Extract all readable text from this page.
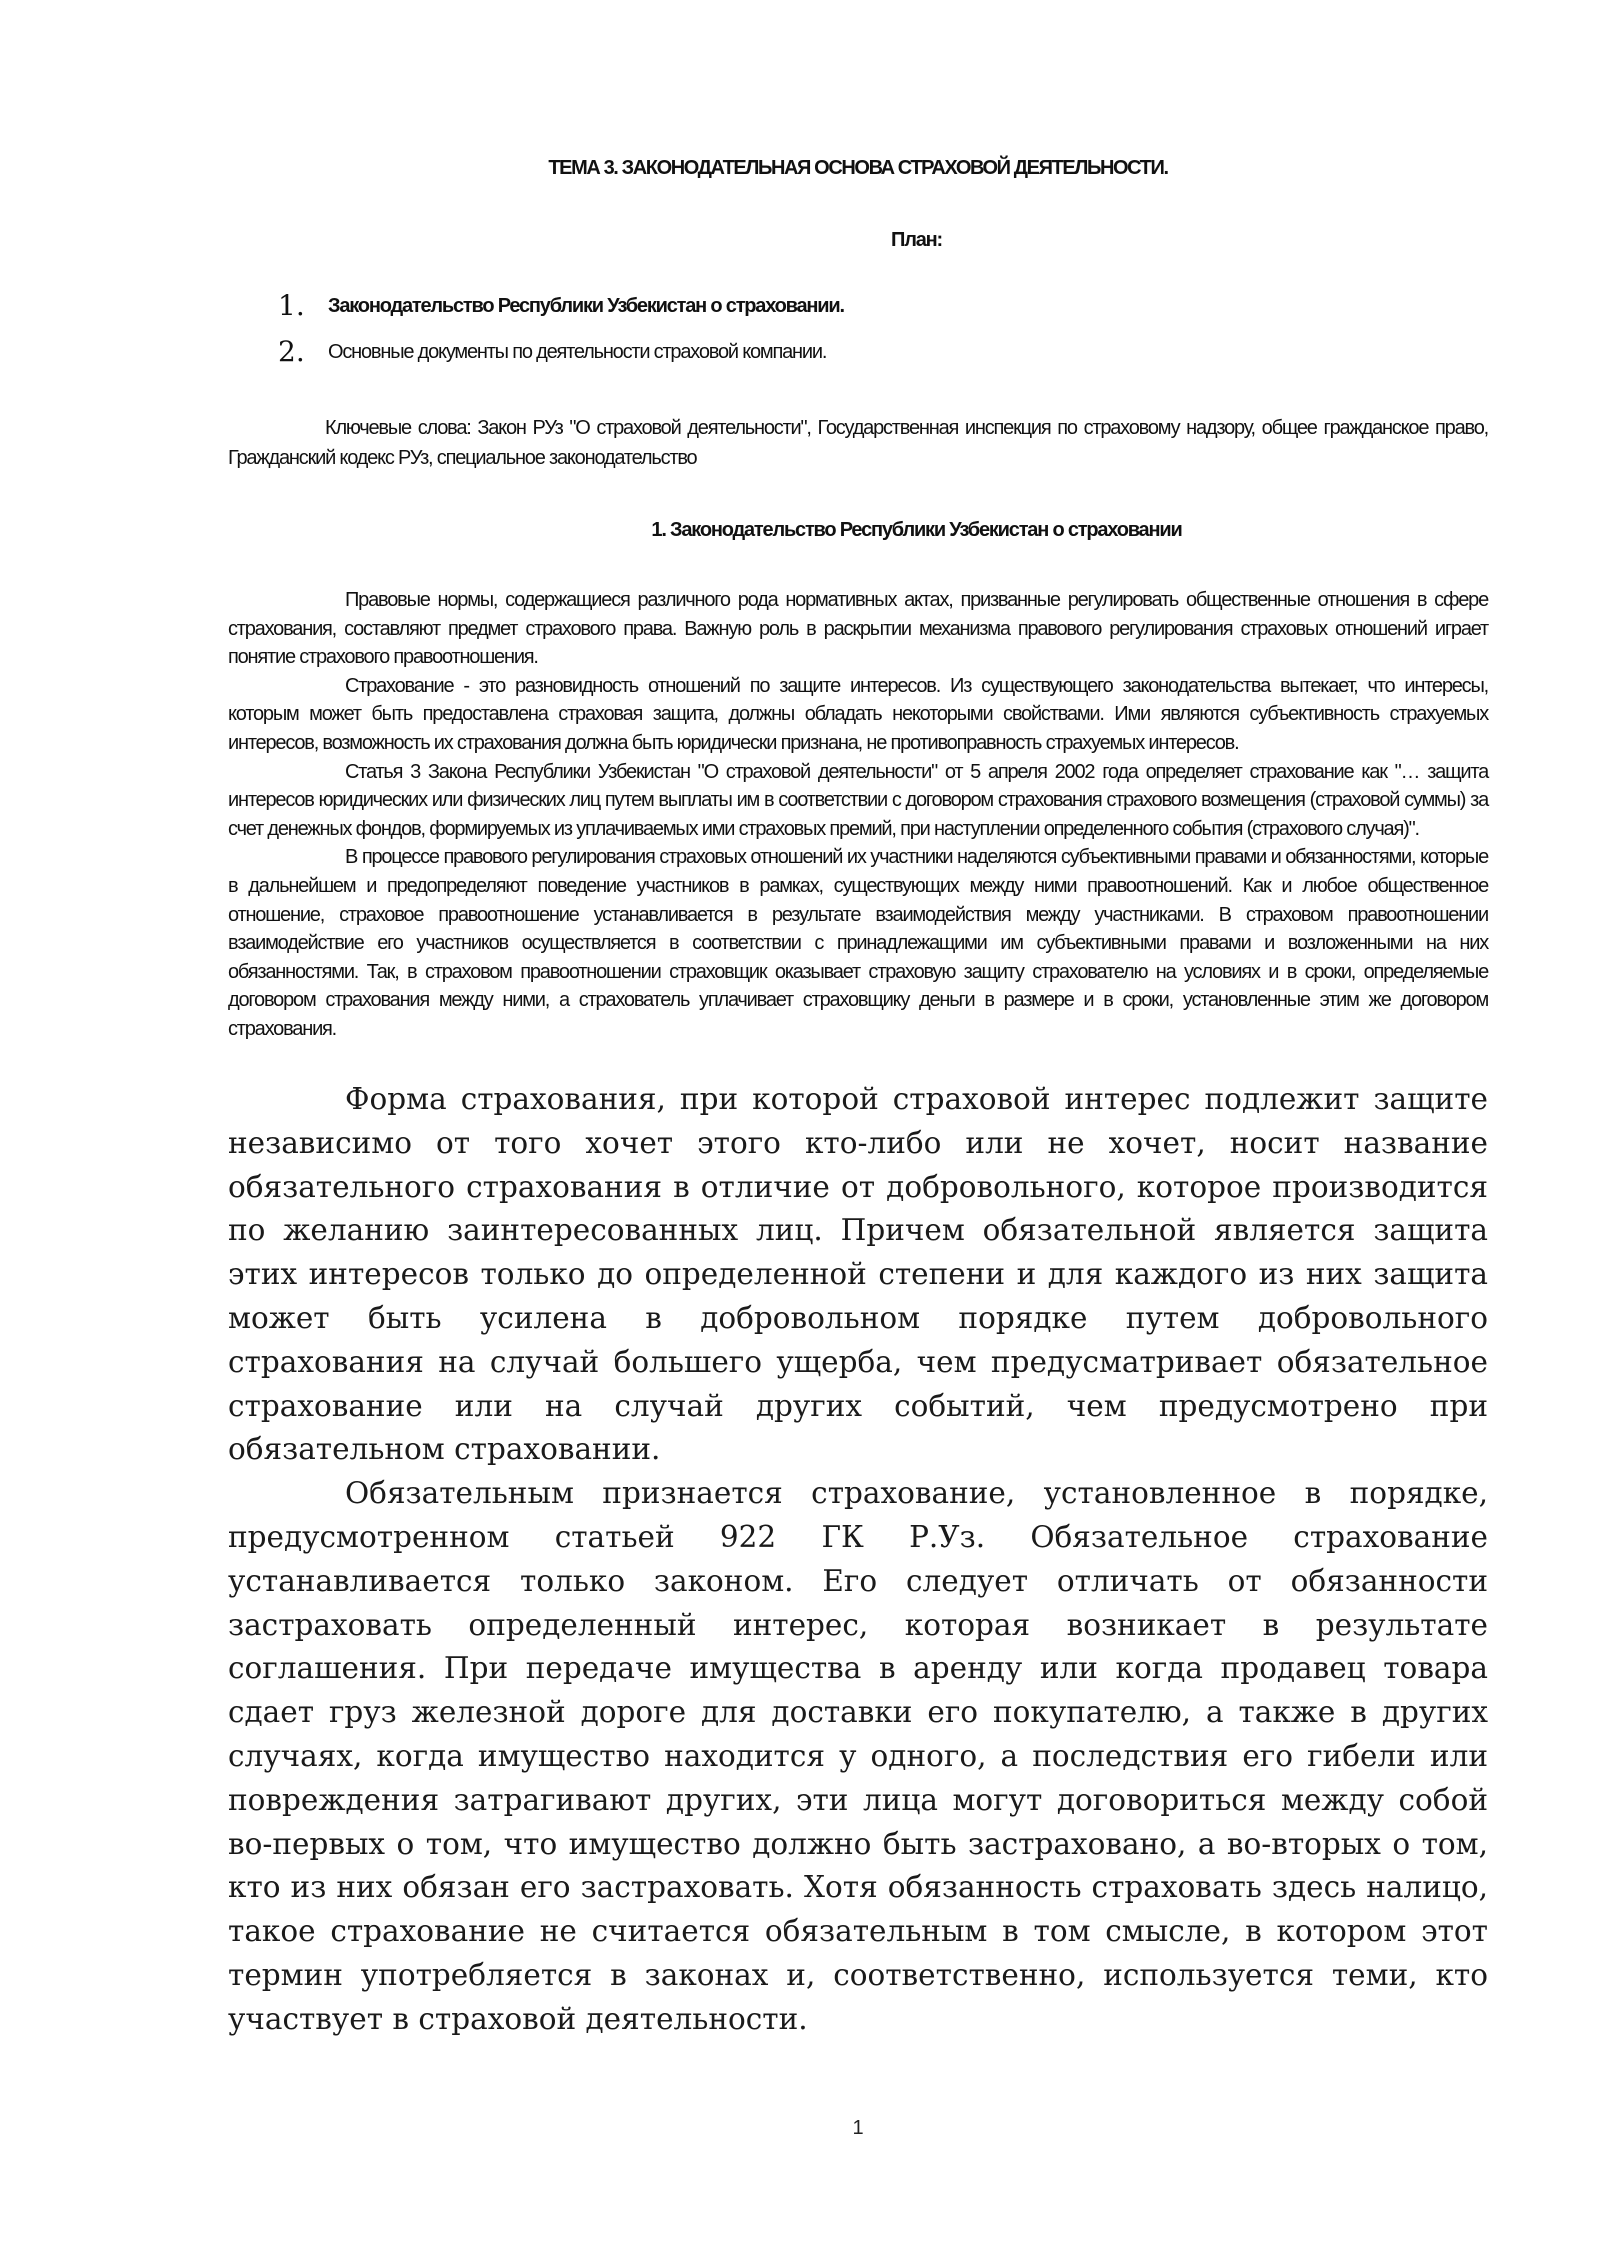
ТЕМА 3. ЗАКОНОДАТЕЛЬНАЯ ОСНОВА СТРАХОВОЙ ДЕЯТЕЛЬНОСТИ.
План:
1. Законодательство Республики Узбекистан о страховании.
2. Основные документы по деятельности страховой компании.

Ключевые слова: Закон РУз "О страховой деятельности", Государственная инспекция по страховому надзору, общее гражданское право, Гражданский кодекс РУз, специальное законодательство

1. Законодательство Республики Узбекистан о страховании

Правовые нормы, содержащиеся различного рода нормативных актах, призванные регулировать общественные отношения в сфере страхования, составляют предмет страхового права. Важную роль в раскрытии механизма правового регулирования страховых отношений играет понятие страхового правоотношения.

Страхование - это разновидность отношений по защите интересов. Из существующего законодательства вытекает, что интересы, которым может быть предоставлена страховая защита, должны обладать некоторыми свойствами. Ими являются субъективность страхуемых интересов, возможность их страхования должна быть юридически признана, не противоправность страхуемых интересов.

Статья 3 Закона Республики Узбекистан "О страховой деятельности" от 5 апреля 2002 года определяет страхование как "… защита интересов юридических или физических лиц путем выплаты им в соответствии с договором страхования страхового возмещения (страховой суммы) за счет денежных фондов, формируемых из уплачиваемых ими страховых премий, при наступлении определенного события (страхового случая)".

В процессе правового регулирования страховых отношений их участники наделяются субъективными правами и обязанностями, которые в дальнейшем и предопределяют поведение участников в рамках, существующих между ними правоотношений. Как и любое общественное отношение, страховое правоотношение устанавливается в результате взаимодействия между участниками. В страховом правоотношении взаимодействие его участников осуществляется в соответствии с принадлежащими им субъективными правами и возложенными на них обязанностями. Так, в страховом правоотношении страховщик оказывает страховую защиту страхователю на условиях и в сроки, определяемые договором страхования между ними, а страхователь уплачивает страховщику деньги в размере и в сроки, установленные этим же договором страхования.

Форма страхования, при которой страховой интерес подлежит защите независимо от того хочет этого кто-либо или не хочет, носит название обязательного страхования в отличие от добровольного, которое производится по желанию заинтересованных лиц. Причем обязательной является защита этих интересов только до определенной степени и для каждого из них защита может быть усилена в добровольном порядке путем добровольного страхования на случай большего ущерба, чем предусматривает обязательное страхование или на случай других событий, чем предусмотрено при обязательном страховании.

Обязательным признается страхование, установленное в порядке, предусмотренном статьей 922 ГК Р.Уз. Обязательное страхование устанавливается только законом. Его следует отличать от обязанности застраховать определенный интерес, которая возникает в результате соглашения. При передаче имущества в аренду или когда продавец товара сдает груз железной дороге для доставки его покупателю, а также в других случаях, когда имущество находится у одного, а последствия его гибели или повреждения затрагивают других, эти лица могут договориться между собой во-первых о том, что имущество должно быть застраховано, а во-вторых о том, кто из них обязан его застраховать. Хотя обязанность страховать здесь налицо, такое страхование не считается обязательным в том смысле, в котором этот термин употребляется в законах и, соответственно, используется теми, кто участвует в страховой деятельности.

1
